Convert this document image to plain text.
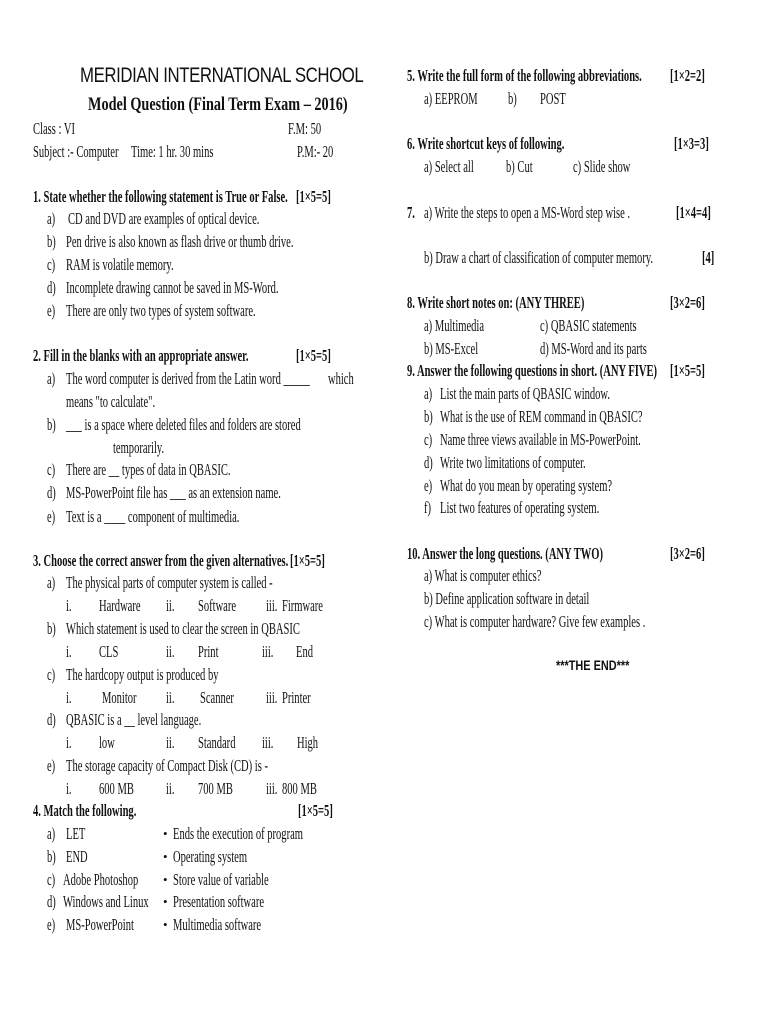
MERIDIAN INTERNATIONAL SCHOOL
Model Question (Final Term Exam – 2016)
Class : VI	F.M: 50
Subject :- Computer Time: 1 hr. 30 mins	P.M:- 20
1. State whether the following statement is True or False. [1×5=5]
a) CD and DVD are examples of optical device.
b) Pen drive is also known as flash drive or thumb drive.
c) RAM is volatile memory.
d) Incomplete drawing cannot be saved in MS-Word.
e) There are only two types of system software.
2. Fill in the blanks with an appropriate answer.	[1×5=5]
a) The word computer is derived from the Latin word _____ which
means "to calculate".
b) ___ is a space where deleted files and folders are stored
temporarily.
c) There are __ types of data in QBASIC.
d) MS-PowerPoint file has ___ as an extension name.
e) Text is a ____ component of multimedia.
3. Choose the correct answer from the given alternatives. [1×5=5]
a) The physical parts of computer system is called -
i. Hardware ii. Software iii. Firmware
b) Which statement is used to clear the screen in QBASIC
i. CLS	ii. Print	iii. End
c) The hardcopy output is produced by
i. Monitor ii. Scanner iii. Printer
d) QBASIC is a __ level language.
i. low	ii. Standard iii. High
e) The storage capacity of Compact Disk (CD) is -
i. 600 MB ii. 700 MB iii. 800 MB
4. Match the following.	[1×5=5]
a) LET	• Ends the execution of program
b) END	• Operating system
c) Adobe Photoshop • Store value of variable
d) Windows and Linux • Presentation software
e) MS-PowerPoint • Multimedia software
5. Write the full form of the following abbreviations. [1×2=2]
a) EEPROM b) POST
6. Write shortcut keys of following.	[1×3=3]
a) Select all b) Cut c) Slide show
7. a) Write the steps to open a MS-Word step wise .	[1×4=4]
b) Draw a chart of classification of computer memory.	[4]
8. Write short notes on: (ANY THREE)	[3×2=6]
a) Multimedia	c) QBASIC statements
b) MS-Excel	d) MS-Word and its parts
9. Answer the following questions in short. (ANY FIVE) [1×5=5]
a) List the main parts of QBASIC window.
b) What is the use of REM command in QBASIC?
c) Name three views available in MS-PowerPoint.
d) Write two limitations of computer.
e) What do you mean by operating system?
f) List two features of operating system.
10. Answer the long questions. (ANY TWO)	[3×2=6]
a) What is computer ethics?
b) Define application software in detail
c) What is computer hardware? Give few examples .
***THE END***
